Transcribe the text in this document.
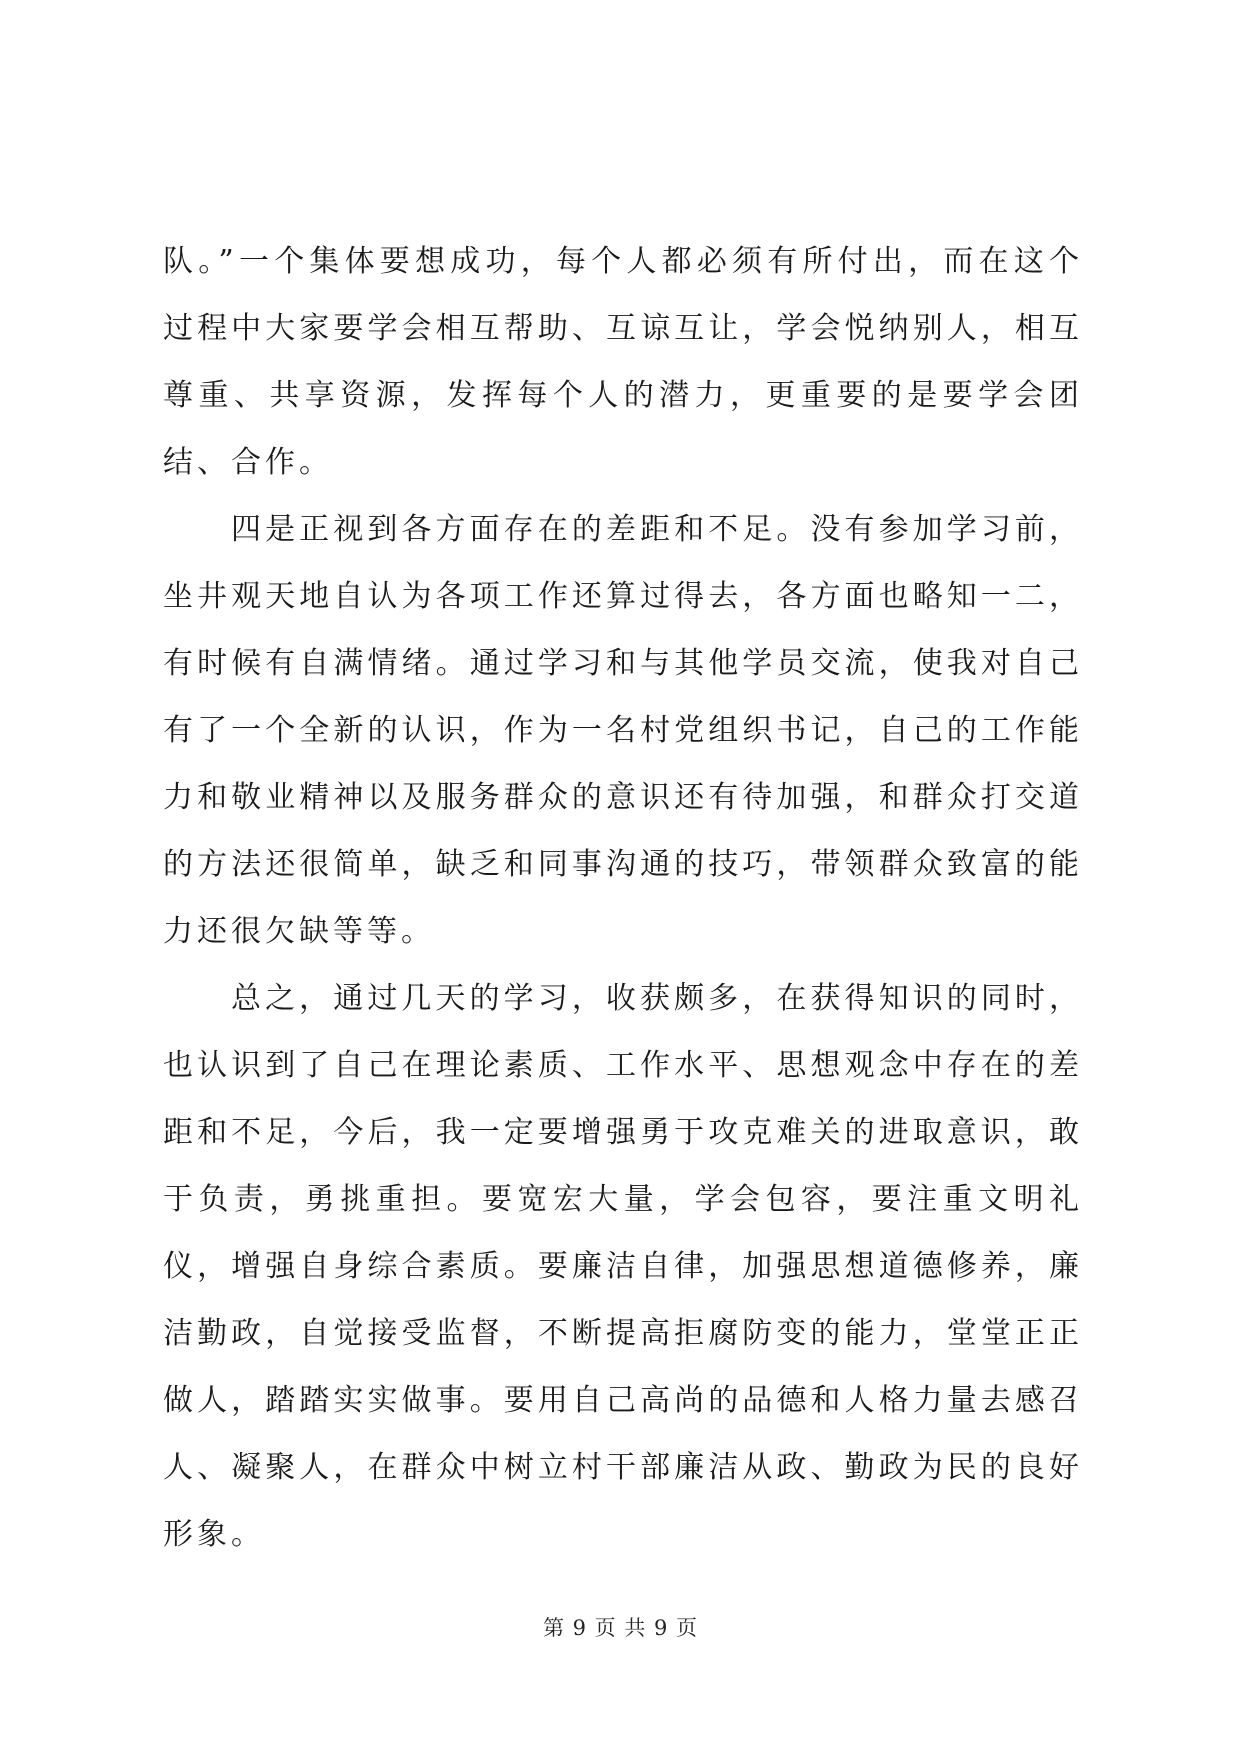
队。”一个集体要想成功，每个人都必须有所付出，而在这个过程中大家要学会相互帮助、互谅互让，学会悦纳别人，相互尊重、共享资源，发挥每个人的潜力，更重要的是要学会团结、合作。

四是正视到各方面存在的差距和不足。没有参加学习前，坐井观天地自认为各项工作还算过得去，各方面也略知一二，有时候有自满情绪。通过学习和与其他学员交流，使我对自己有了一个全新的认识，作为一名村党组织书记，自己的工作能力和敬业精神以及服务群众的意识还有待加强，和群众打交道的方法还很简单，缺乏和同事沟通的技巧，带领群众致富的能力还很欠缺等等。

总之，通过几天的学习，收获颇多，在获得知识的同时，也认识到了自己在理论素质、工作水平、思想观念中存在的差距和不足，今后，我一定要增强勇于攻克难关的进取意识，敢于负责，勇挑重担。要宽宏大量，学会包容，要注重文明礼仪，增强自身综合素质。要廉洁自律，加强思想道德修养，廉洁勤政，自觉接受监督，不断提高拒腐防变的能力，堂堂正正做人，踏踏实实做事。要用自己高尚的品德和人格力量去感召人、凝聚人，在群众中树立村干部廉洁从政、勤政为民的良好形象。

第 9 页 共 9 页
